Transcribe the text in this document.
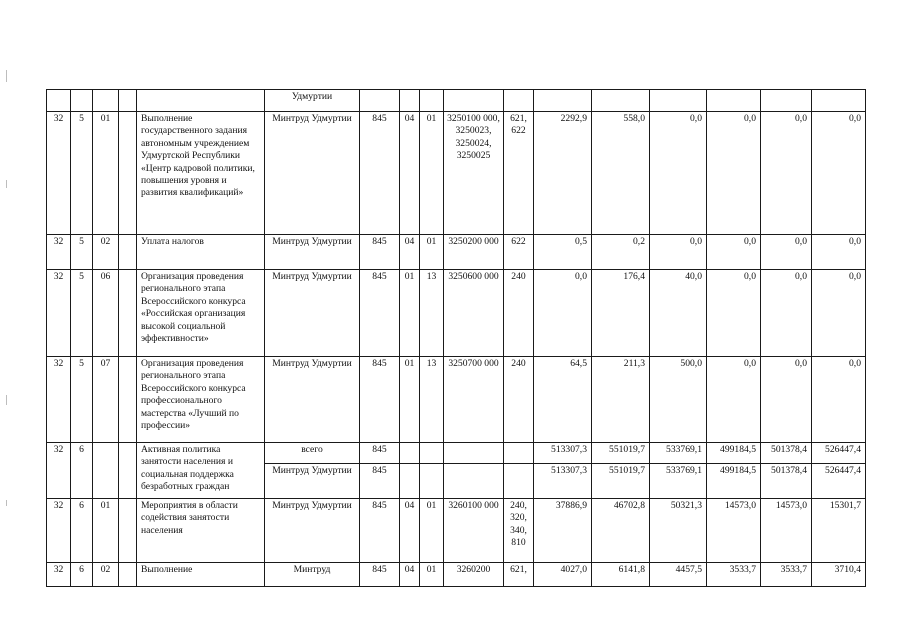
					Удмуртии											
32	5	01		Выполнение государственного задания автономным учреждением Удмуртской Республики «Центр кадровой политики, повышения уровня и развития квалификаций»	Минтруд Удмуртии	845	04	01	3250100 000, 3250023, 3250024, 3250025	621, 622	2292,9	558,0	0,0	0,0	0,0	0,0
32	5	02		Уплата налогов	Минтруд Удмуртии	845	04	01	3250200 000	622	0,5	0,2	0,0	0,0	0,0	0,0
32	5	06		Организация проведения регионального этапа Всероссийского конкурса «Российская организация высокой социальной эффективности»	Минтруд Удмуртии	845	01	13	3250600 000	240	0,0	176,4	40,0	0,0	0,0	0,0
32	5	07		Организация проведения регионального этапа Всероссийского конкурса профессионального мастерства «Лучший по профессии»	Минтруд Удмуртии	845	01	13	3250700 000	240	64,5	211,3	500,0	0,0	0,0	0,0
32	6			Активная политика занятости населения и социальная поддержка безработных граждан	всего	845					513307,3	551019,7	533769,1	499184,5	501378,4	526447,4
					Минтруд Удмуртии	845					513307,3	551019,7	533769,1	499184,5	501378,4	526447,4
32	6	01		Мероприятия в области содействия занятости населения	Минтруд Удмуртии	845	04	01	3260100 000	240, 320, 340, 810	37886,9	46702,8	50321,3	14573,0	14573,0	15301,7
32	6	02		Выполнение	Минтруд	845	04	01	3260200	621,	4027,0	6141,8	4457,5	3533,7	3533,7	3710,4
